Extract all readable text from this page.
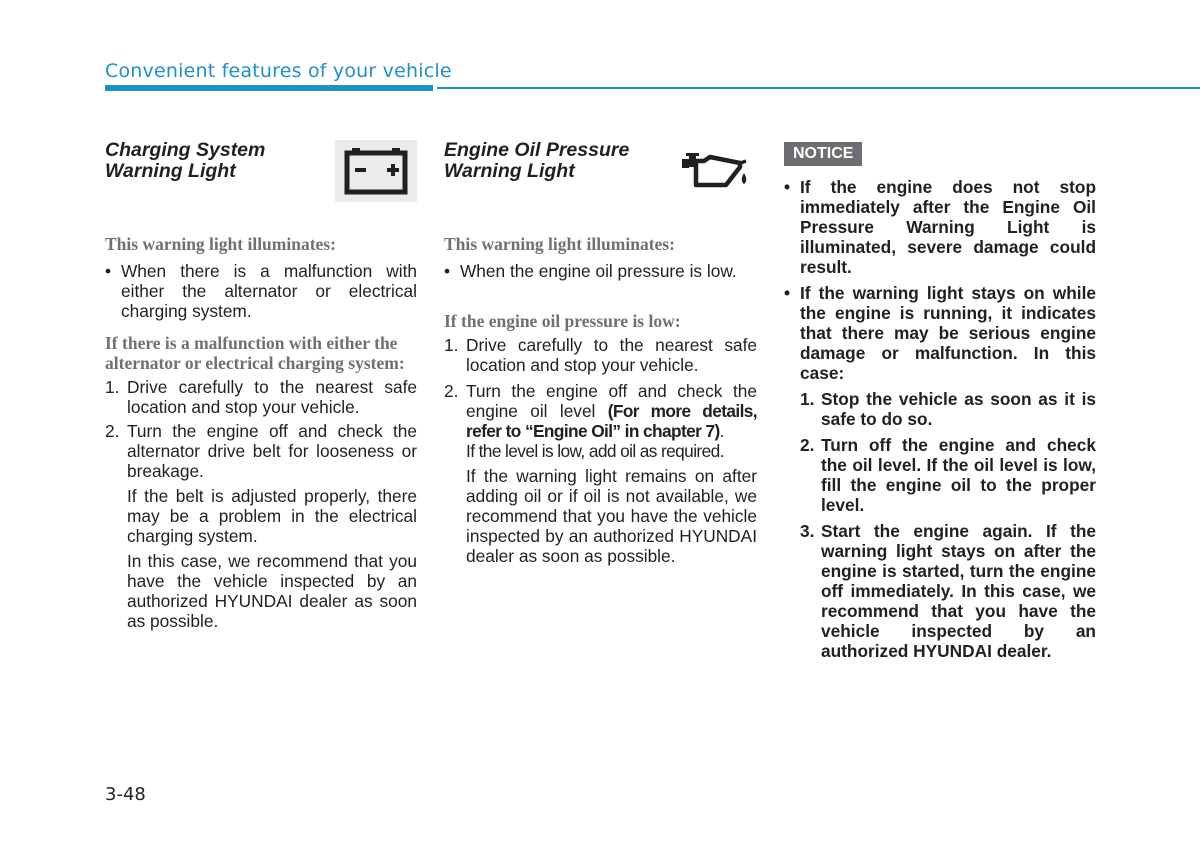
Convenient features of your vehicle
Charging System
Warning Light

This warning light illuminates:

• When there is a malfunction with either the alternator or electrical charging system.

If there is a malfunction with either the alternator or electrical charging system:

1. Drive carefully to the nearest safe location and stop your vehicle.
2. Turn the engine off and check the alternator drive belt for looseness or breakage.

If the belt is adjusted properly, there may be a problem in the electrical charging system.

In this case, we recommend that you have the vehicle inspected by an authorized HYUNDAI dealer as soon as possible.

Engine Oil Pressure
Warning Light

This warning light illuminates:

• When the engine oil pressure is low.

If the engine oil pressure is low:

1. Drive carefully to the nearest safe location and stop your vehicle.
2. Turn the engine off and check the engine oil level (For more details, refer to “Engine Oil” in chapter 7).

If the level is low, add oil as required.

If the warning light remains on after adding oil or if oil is not available, we recommend that you have the vehicle inspected by an authorized HYUNDAI dealer as soon as possible.

NOTICE
• If the engine does not stop immediately after the Engine Oil Pressure Warning Light is illuminated, severe damage could result.
• If the warning light stays on while the engine is running, it indicates that there may be serious engine damage or malfunction. In this case:
1. Stop the vehicle as soon as it is safe to do so.
2. Turn off the engine and check the oil level. If the oil level is low, fill the engine oil to the proper level.
3. Start the engine again. If the warning light stays on after the engine is started, turn the engine off immediately. In this case, we recommend that you have the vehicle inspected by an authorized HYUNDAI dealer.
3-48
